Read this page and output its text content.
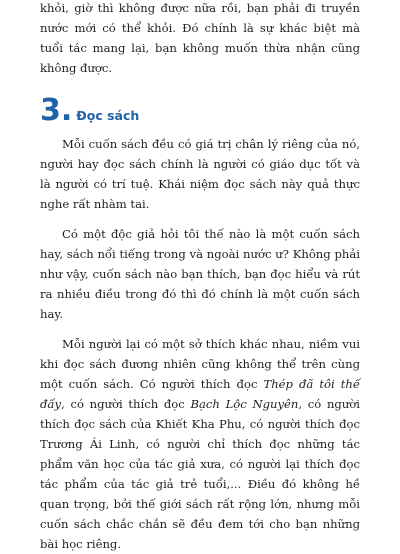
khỏi, giờ thì không được nữa rồi, bạn phải đi truyền nước mới có thể khỏi. Đó chính là sự khác biệt mà tuổi tác mang lại, bạn không muốn thừa nhận cũng không được.

3. Đọc sách

Mỗi cuốn sách đều có giá trị chân lý riêng của nó, người hay đọc sách chính là người có giáo dục tốt và là người có trí tuệ. Khái niệm đọc sách này quả thực nghe rất nhàm tai.

Có một độc giả hỏi tôi thế nào là một cuốn sách hay, sách nổi tiếng trong và ngoài nước ư? Không phải như vậy, cuốn sách nào bạn thích, bạn đọc hiểu và rút ra nhiều điều trong đó thì đó chính là một cuốn sách hay.

Mỗi người lại có một sở thích khác nhau, niềm vui khi đọc sách đương nhiên cũng không thể trên cùng một cuốn sách. Có người thích đọc Thép đã tôi thế đấy, có người thích đọc Bạch Lộc Nguyên, có người thích đọc sách của Khiết Kha Phu, có người thích đọc Trương Ái Linh, có người chỉ thích đọc những tác phẩm văn học của tác giả xưa, có người lại thích đọc tác phẩm của tác giả trẻ tuổi,... Điều đó không hề quan trọng, bởi thế giới sách rất rộng lớn, nhưng mỗi cuốn sách chắc chắn sẽ đều đem tới cho bạn những bài học riêng.
